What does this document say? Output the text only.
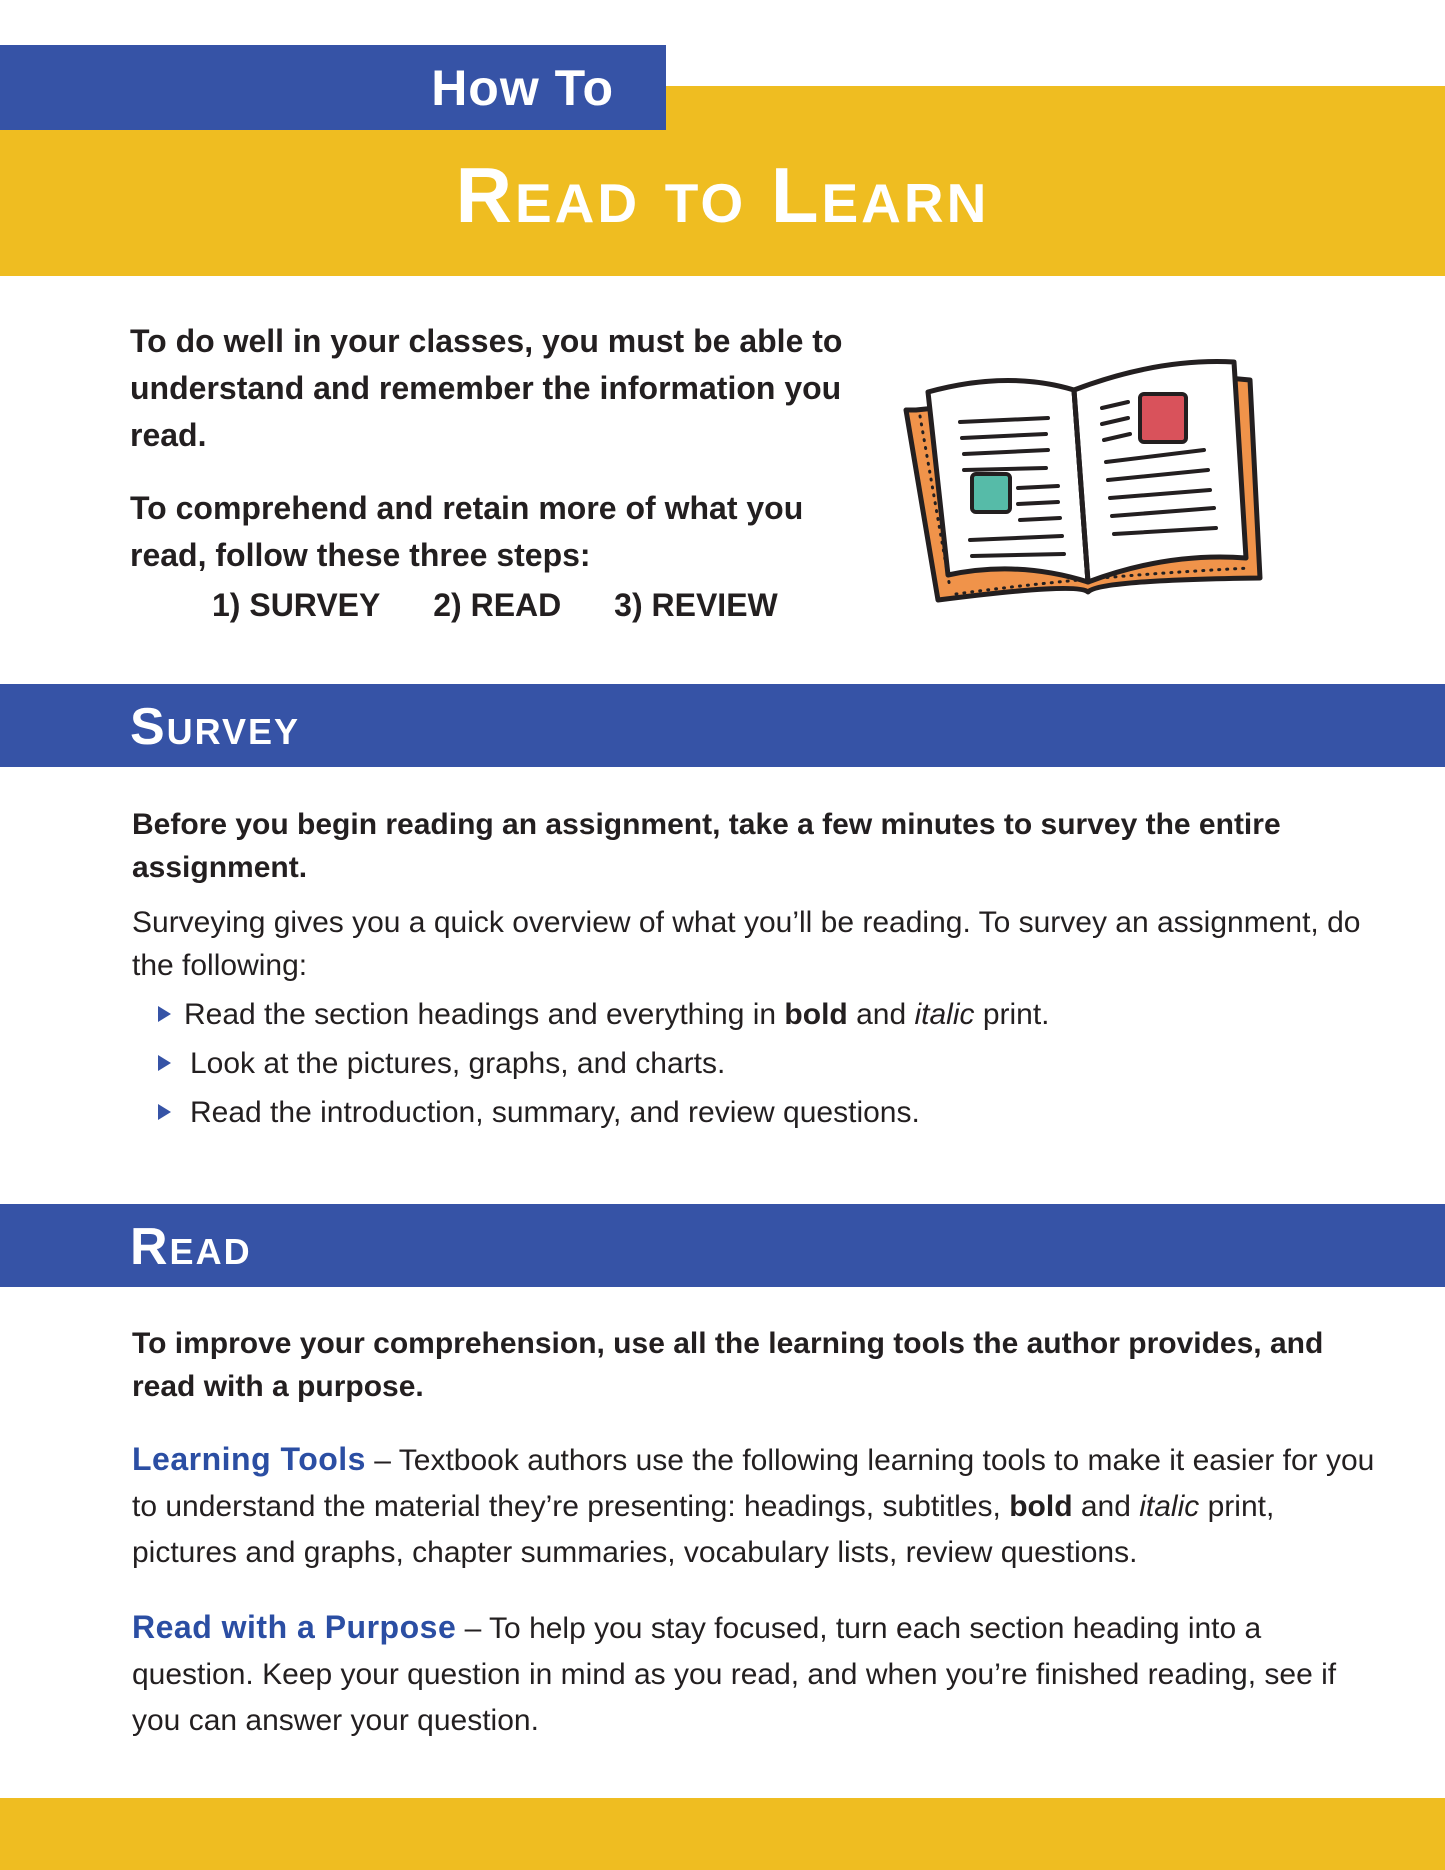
How To
Read to Learn

To do well in your classes, you must be able to understand and remember the information you read.

To comprehend and retain more of what you read, follow these three steps:

1) SURVEY 2) READ 3) REVIEW
Survey

Before you begin reading an assignment, take a few minutes to survey the entire assignment.

Surveying gives you a quick overview of what you’ll be reading. To survey an assignment, do the following:

Read the section headings and everything in bold and italic print.
Look at the pictures, graphs, and charts.
Read the introduction, summary, and review questions.
Read

To improve your comprehension, use all the learning tools the author provides, and read with a purpose.

Learning Tools – Textbook authors use the following learning tools to make it easier for you to understand the material they’re presenting: headings, subtitles, bold and italic print, pictures and graphs, chapter summaries, vocabulary lists, review questions.

Read with a Purpose – To help you stay focused, turn each section heading into a question. Keep your question in mind as you read, and when you’re finished reading, see if you can answer your question.
